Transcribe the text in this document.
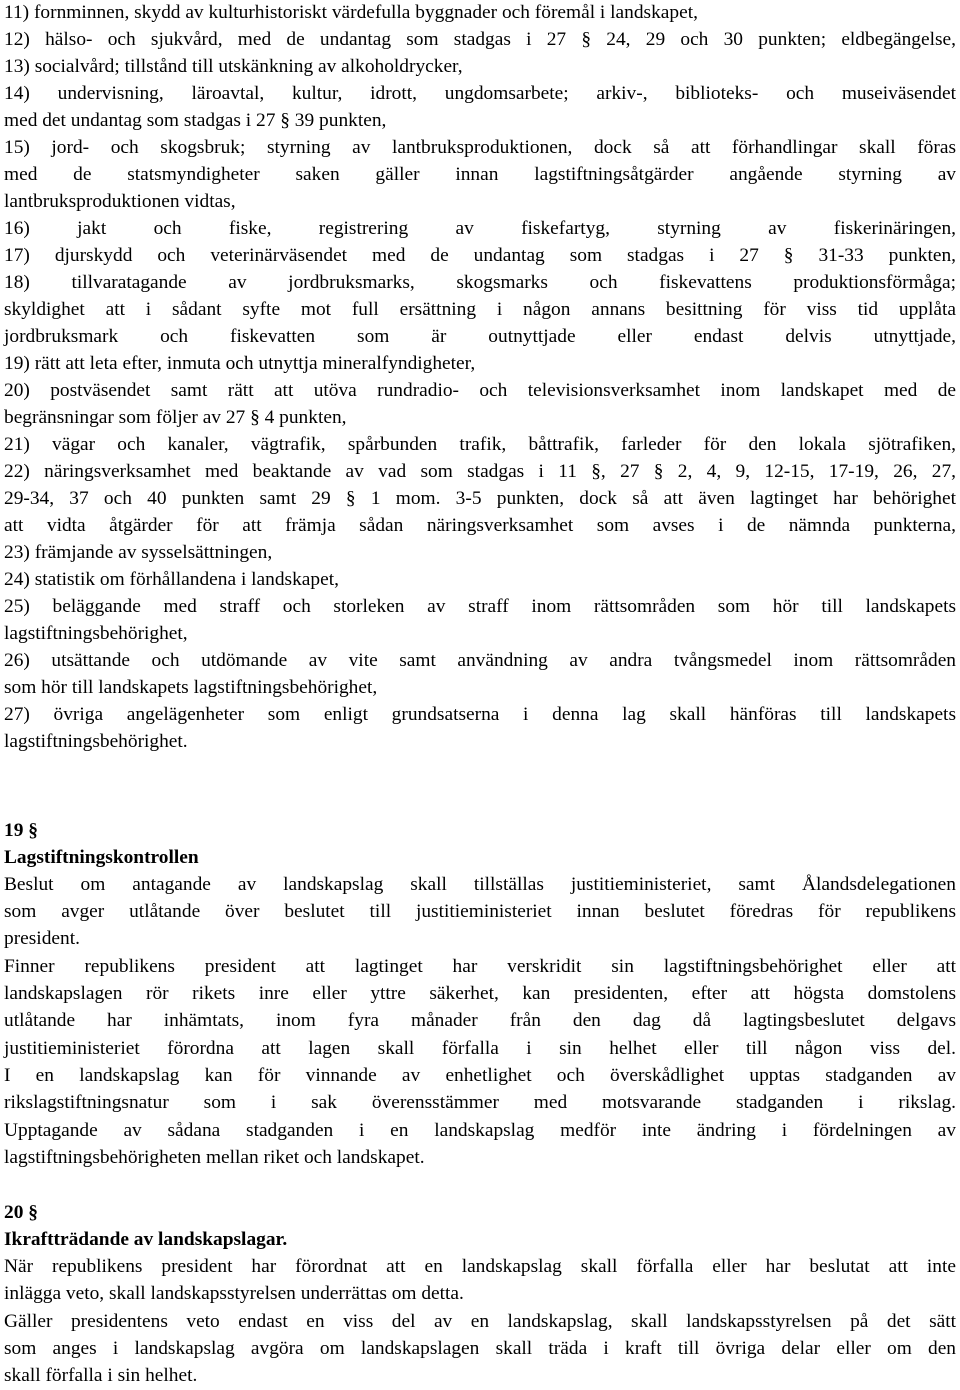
11) fornminnen, skydd av kulturhistoriskt värdefulla byggnader och föremål i landskapet,
12) hälso- och sjukvård, med de undantag som stadgas i 27 § 24, 29 och 30 punkten; eldbegängelse,
13) socialvård; tillstånd till utskänkning av alkoholdrycker,
14) undervisning, läroavtal, kultur, idrott, ungdomsarbete; arkiv-, biblioteks- och museiväsendet
med det undantag som stadgas i 27 § 39 punkten,
15) jord- och skogsbruk; styrning av lantbruksproduktionen, dock så att förhandlingar skall föras
med de statsmyndigheter saken gäller innan lagstiftningsåtgärder angående styrning av
lantbruksproduktionen vidtas,
16) jakt och fiske, registrering av fiskefartyg, styrning av fiskerinäringen,
17) djurskydd och veterinärväsendet med de undantag som stadgas i 27 § 31-33 punkten,
18) tillvaratagande av jordbruksmarks, skogsmarks och fiskevattens produktionsförmåga;
skyldighet att i sådant syfte mot full ersättning i någon annans besittning för viss tid upplåta
jordbruksmark och fiskevatten som är outnyttjade eller endast delvis utnyttjade,
19) rätt att leta efter, inmuta och utnyttja mineralfyndigheter,
20) postväsendet samt rätt att utöva rundradio- och televisionsverksamhet inom landskapet med de
begränsningar som följer av 27 § 4 punkten,
21) vägar och kanaler, vägtrafik, spårbunden trafik, båttrafik, farleder för den lokala sjötrafiken,
22) näringsverksamhet med beaktande av vad som stadgas i 11 §, 27 § 2, 4, 9, 12-15, 17-19, 26, 27,
29-34, 37 och 40 punkten samt 29 § 1 mom. 3-5 punkten, dock så att även lagtinget har behörighet
att vidta åtgärder för att främja sådan näringsverksamhet som avses i de nämnda punkterna,
23) främjande av sysselsättningen,
24) statistik om förhållandena i landskapet,
25) beläggande med straff och storleken av straff inom rättsområden som hör till landskapets
lagstiftningsbehörighet,
26) utsättande och utdömande av vite samt användning av andra tvångsmedel inom rättsområden
som hör till landskapets lagstiftningsbehörighet,
27) övriga angelägenheter som enligt grundsatserna i denna lag skall hänföras till landskapets
lagstiftningsbehörighet.
19 §
Lagstiftningskontrollen
Beslut om antagande av landskapslag skall tillställas justitieministeriet, samt Ålandsdelegationen
som avger utlåtande över beslutet till justitieministeriet innan beslutet föredras för republikens
president.
Finner republikens president att lagtinget har verskridit sin lagstiftningsbehörighet eller att
landskapslagen rör rikets inre eller yttre säkerhet, kan presidenten, efter att högsta domstolens
utlåtande har inhämtats, inom fyra månader från den dag då lagtingsbeslutet delgavs
justitieministeriet förordna att lagen skall förfalla i sin helhet eller till någon viss del.
I en landskapslag kan för vinnande av enhetlighet och överskådlighet upptas stadganden av
rikslagstiftningsnatur som i sak överensstämmer med motsvarande stadganden i rikslag.
Upptagande av sådana stadganden i en landskapslag medför inte ändring i fördelningen av
lagstiftningsbehörigheten mellan riket och landskapet.
20 §
Ikraftträdande av landskapslagar.
När republikens president har förordnat att en landskapslag skall förfalla eller har beslutat att inte
inlägga veto, skall landskapsstyrelsen underrättas om detta.
Gäller presidentens veto endast en viss del av en landskapslag, skall landskapsstyrelsen på det sätt
som anges i landskapslag avgöra om landskapslagen skall träda i kraft till övriga delar eller om den
skall förfalla i sin helhet.
